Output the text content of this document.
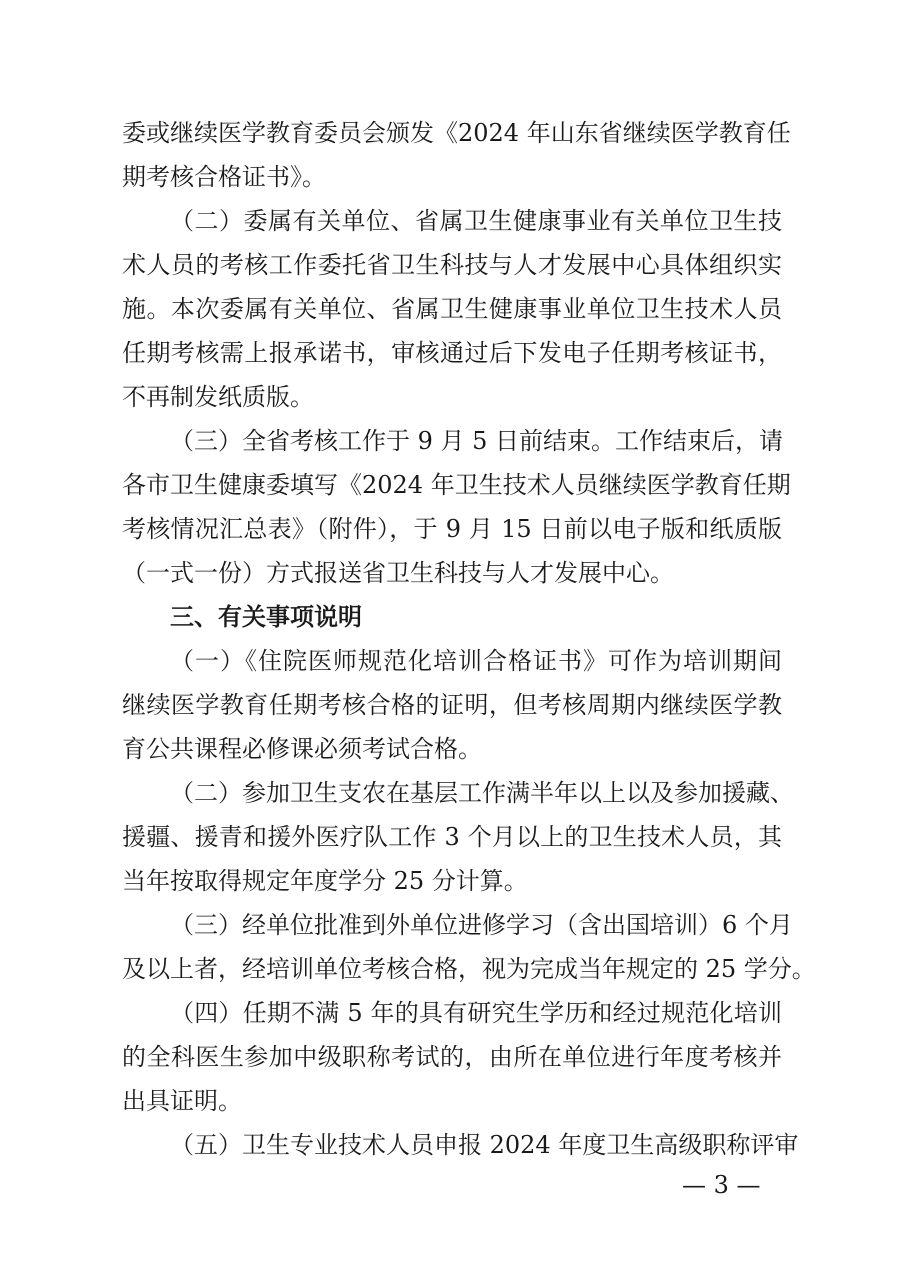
委或继续医学教育委员会颁发《2024 年山东省继续医学教育任
期考核合格证书》。
（二）委属有关单位、省属卫生健康事业有关单位卫生技
术人员的考核工作委托省卫生科技与人才发展中心具体组织实
施。本次委属有关单位、省属卫生健康事业单位卫生技术人员
任期考核需上报承诺书，审核通过后下发电子任期考核证书，
不再制发纸质版。
（三）全省考核工作于 9 月 5 日前结束。工作结束后，请
各市卫生健康委填写《2024 年卫生技术人员继续医学教育任期
考核情况汇总表》（附件），于 9 月 15 日前以电子版和纸质版
（一式一份）方式报送省卫生科技与人才发展中心。
三、有关事项说明
（一）《住院医师规范化培训合格证书》可作为培训期间
继续医学教育任期考核合格的证明，但考核周期内继续医学教
育公共课程必修课必须考试合格。
（二）参加卫生支农在基层工作满半年以上以及参加援藏、
援疆、援青和援外医疗队工作 3 个月以上的卫生技术人员，其
当年按取得规定年度学分 25 分计算。
（三）经单位批准到外单位进修学习（含出国培训）6 个月
及以上者，经培训单位考核合格，视为完成当年规定的 25 学分。
（四）任期不满 5 年的具有研究生学历和经过规范化培训
的全科医生参加中级职称考试的，由所在单位进行年度考核并
出具证明。
（五）卫生专业技术人员申报 2024 年度卫生高级职称评审
— 3 —
